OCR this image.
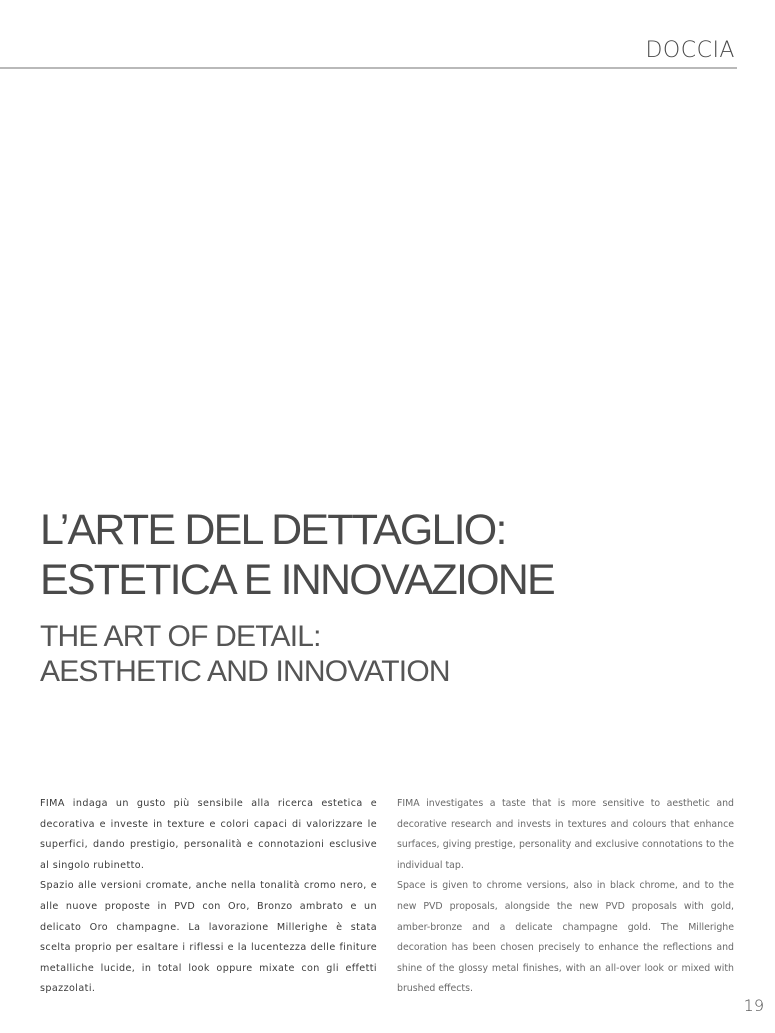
DOCCIA
L’ARTE DEL DETTAGLIO:
ESTETICA E INNOVAZIONE
THE ART OF DETAIL:
AESTHETIC AND INNOVATION

FIMA indaga un gusto più sensibile alla ricerca estetica e decorativa e investe in texture e colori capaci di valorizzare le superfici, dando prestigio, personalità e connotazioni esclusive al singolo rubinetto.

Spazio alle versioni cromate, anche nella tonalità cromo nero, e alle nuove proposte in PVD con Oro, Bronzo ambrato e un delicato Oro champagne. La lavorazione Millerighe è stata scelta proprio per esaltare i riflessi e la lucentezza delle finiture metalliche lucide, in total look oppure mixate con gli effetti spazzolati.

FIMA investigates a taste that is more sensitive to aesthetic and decorative research and invests in textures and colours that enhance surfaces, giving prestige, personality and exclusive connotations to the individual tap.

Space is given to chrome versions, also in black chrome, and to the new PVD proposals, alongside the new PVD proposals with gold, amber-bronze and a delicate champagne gold. The Millerighe decoration has been chosen precisely to enhance the reflections and shine of the glossy metal finishes, with an all-over look or mixed with brushed effects.

19
